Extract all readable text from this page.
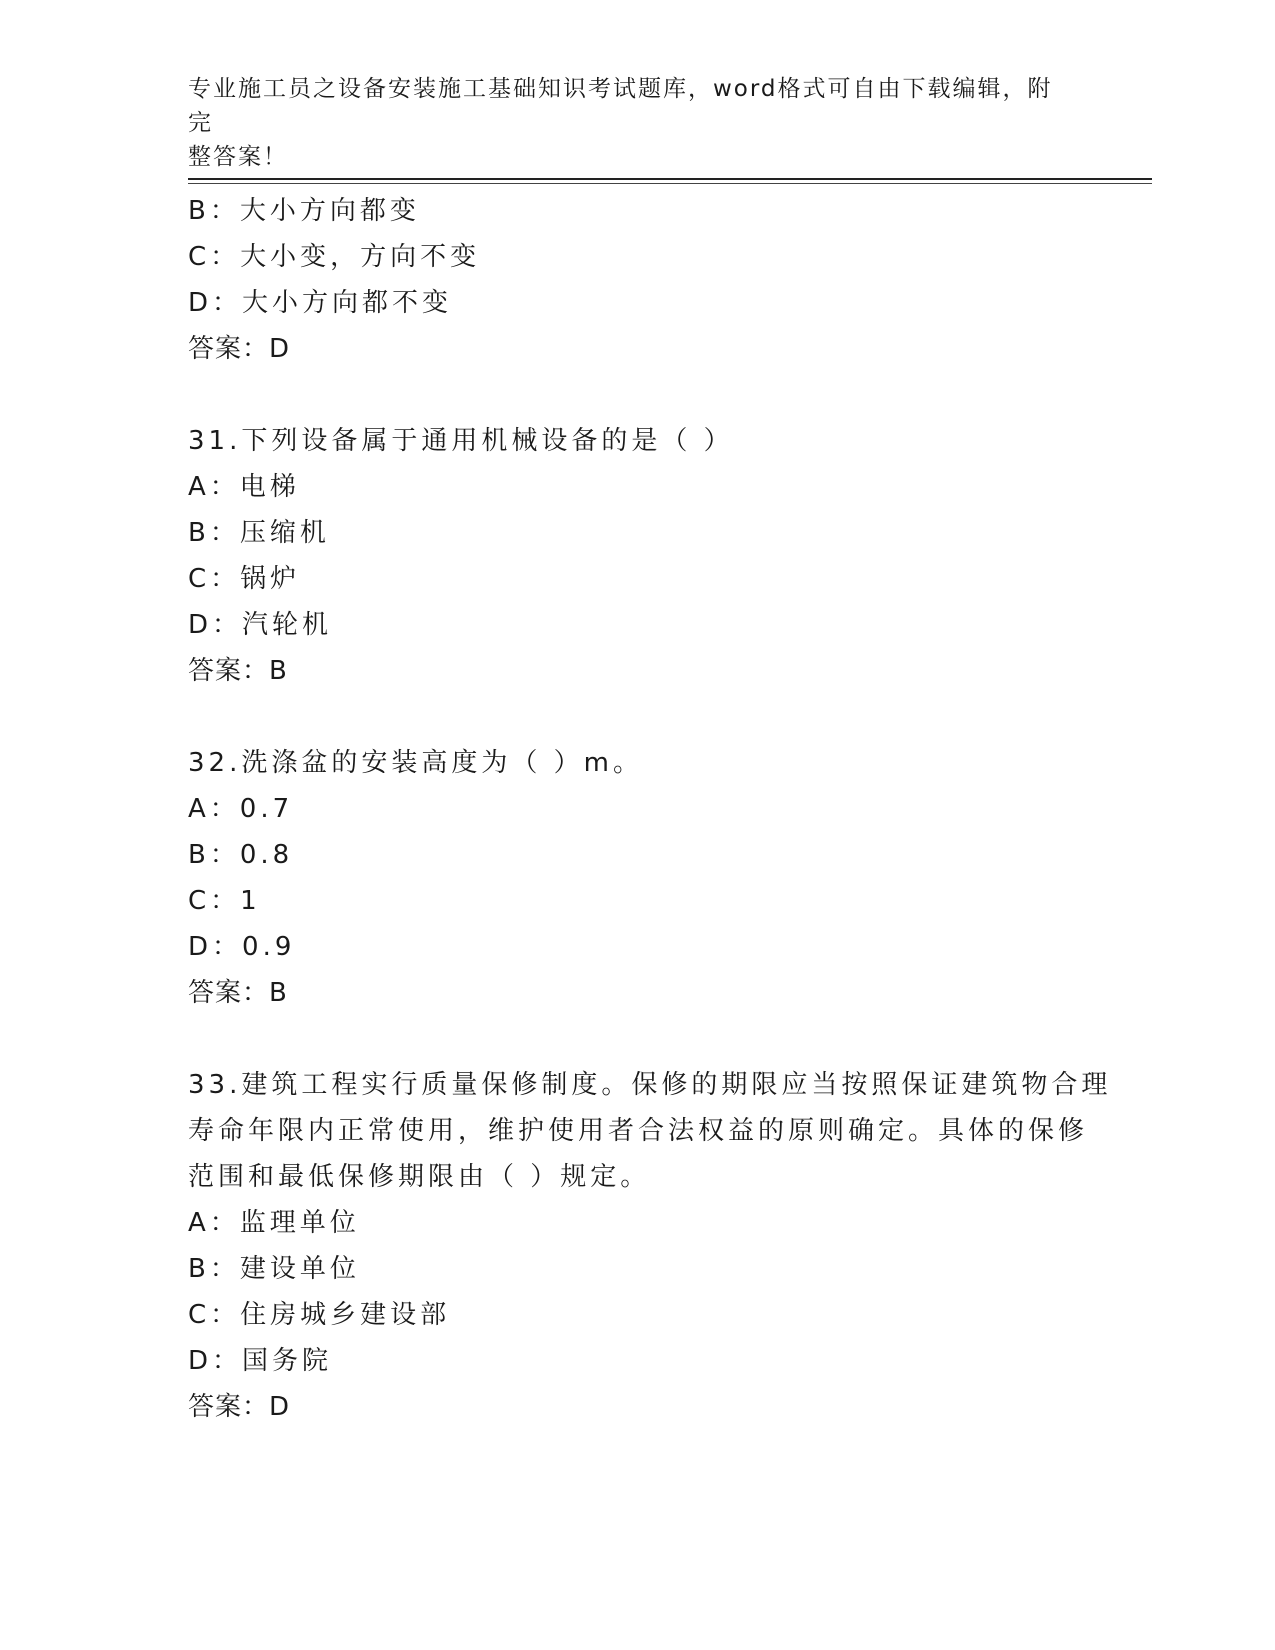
专业施工员之设备安装施工基础知识考试题库，word格式可自由下载编辑，附完
整答案！
B：大小方向都变
C：大小变，方向不变
D：大小方向都不变
答案：D
31.下列设备属于通用机械设备的是（ ）
A：电梯
B：压缩机
C：锅炉
D：汽轮机
答案：B
32.洗涤盆的安装高度为（ ）m。
A：0.7
B：0.8
C：1
D：0.9
答案：B
33.建筑工程实行质量保修制度。保修的期限应当按照保证建筑物合理
寿命年限内正常使用，维护使用者合法权益的原则确定。具体的保修
范围和最低保修期限由（ ）规定。
A：监理单位
B：建设单位
C：住房城乡建设部
D：国务院
答案：D
